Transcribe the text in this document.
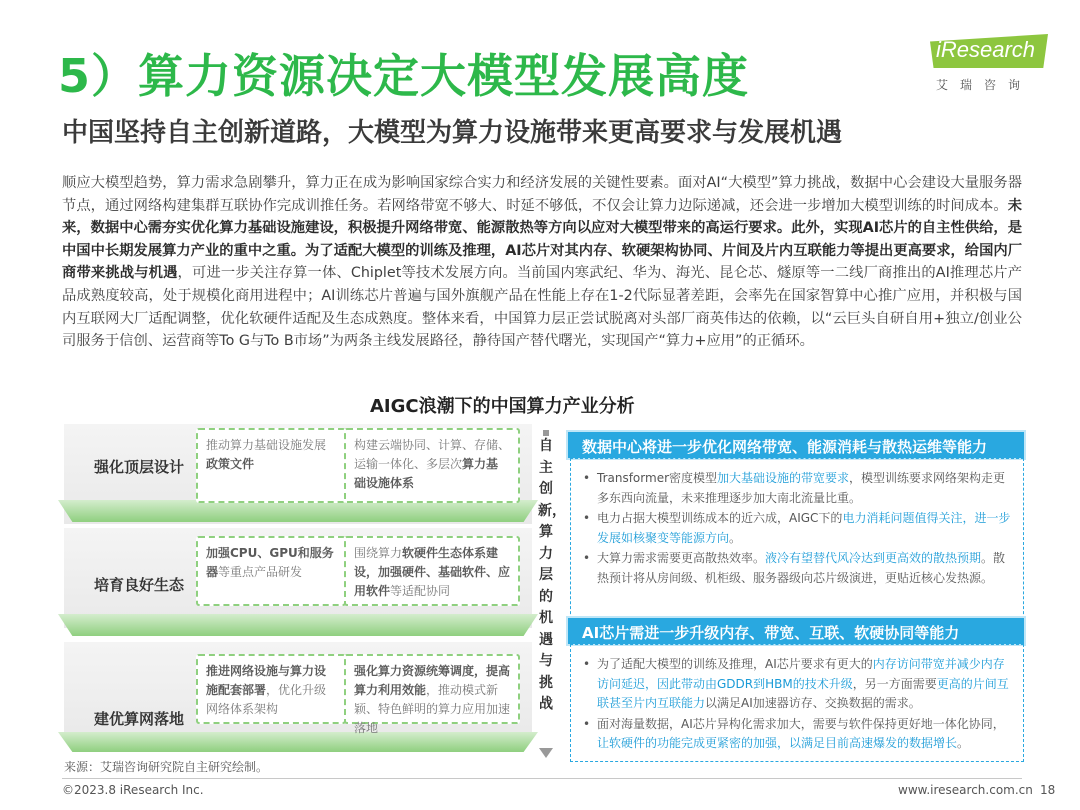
5）算力资源决定大模型发展高度
中国坚持自主创新道路，大模型为算力设施带来更高要求与发展机遇
iResearch
艾瑞咨询
顺应大模型趋势，算力需求急剧攀升，算力正在成为影响国家综合实力和经济发展的关键性要素。面对AI“大模型”算力挑战，数据中心会建设大量服务器节点，通过网络构建集群互联协作完成训推任务。若网络带宽不够大、时延不够低，不仅会让算力边际递减，还会进一步增加大模型训练的时间成本。未来，数据中心需夯实优化算力基础设施建设，积极提升网络带宽、能源散热等方向以应对大模型带来的高运行要求。此外，实现AI芯片的自主性供给，是中国中长期发展算力产业的重中之重。为了适配大模型的训练及推理，AI芯片对其内存、软硬架构协同、片间及片内互联能力等提出更高要求，给国内厂商带来挑战与机遇，可进一步关注存算一体、Chiplet等技术发展方向。当前国内寒武纪、华为、海光、昆仑芯、燧原等一二线厂商推出的AI推理芯片产品成熟度较高，处于规模化商用进程中；AI训练芯片普遍与国外旗舰产品在性能上存在1-2代际显著差距，会率先在国家智算中心推广应用，并积极与国内互联网大厂适配调整，优化软硬件适配及生态成熟度。整体来看，中国算力层正尝试脱离对头部厂商英伟达的依赖，以“云巨头自研自用+独立/创业公司服务于信创、运营商等To G与To B市场”为两条主线发展路径，静待国产替代曙光，实现国产“算力+应用”的正循环。
AIGC浪潮下的中国算力产业分析
强化顶层设计
推动算力基础设施发展政策文件
构建云端协同、计算、存储、运输一体化、多层次算力基础设施体系
培育良好生态
加强CPU、GPU和服务器等重点产品研发
围绕算力软硬件生态体系建设，加强硬件、基础软件、应用软件等适配协同
建优算网落地
推进网络设施与算力设施配套部署，优化升级网络体系架构
强化算力资源统筹调度，提高算力利用效能，推动模式新颖、特色鲜明的算力应用加速落地
自主创新，算力层的机遇与挑战
数据中心将进一步优化网络带宽、能源消耗与散热运维等能力
• Transformer密度模型加大基础设施的带宽要求，模型训练要求网络架构走更多东西向流量，未来推理逐步加大南北流量比重。
• 电力占据大模型训练成本的近六成，AIGC下的电力消耗问题值得关注，进一步发展如核聚变等能源方向。
• 大算力需求需要更高散热效率。液冷有望替代风冷达到更高效的散热预期。散热预计将从房间级、机柜级、服务器级向芯片级演进，更贴近核心发热源。
AI芯片需进一步升级内存、带宽、互联、软硬协同等能力
• 为了适配大模型的训练及推理，AI芯片要求有更大的内存访问带宽并减少内存访问延迟，因此带动由GDDR到HBM的技术升级，另一方面需要更高的片间互联甚至片内互联能力以满足AI加速器访存、交换数据的需求。
• 面对海量数据，AI芯片异构化需求加大，需要与软件保持更好地一体化协同，让软硬件的功能完成更紧密的加强，以满足目前高速爆发的数据增长。
来源：艾瑞咨询研究院自主研究绘制。
©2023.8 iResearch Inc.	www.iresearch.com.cn 18
